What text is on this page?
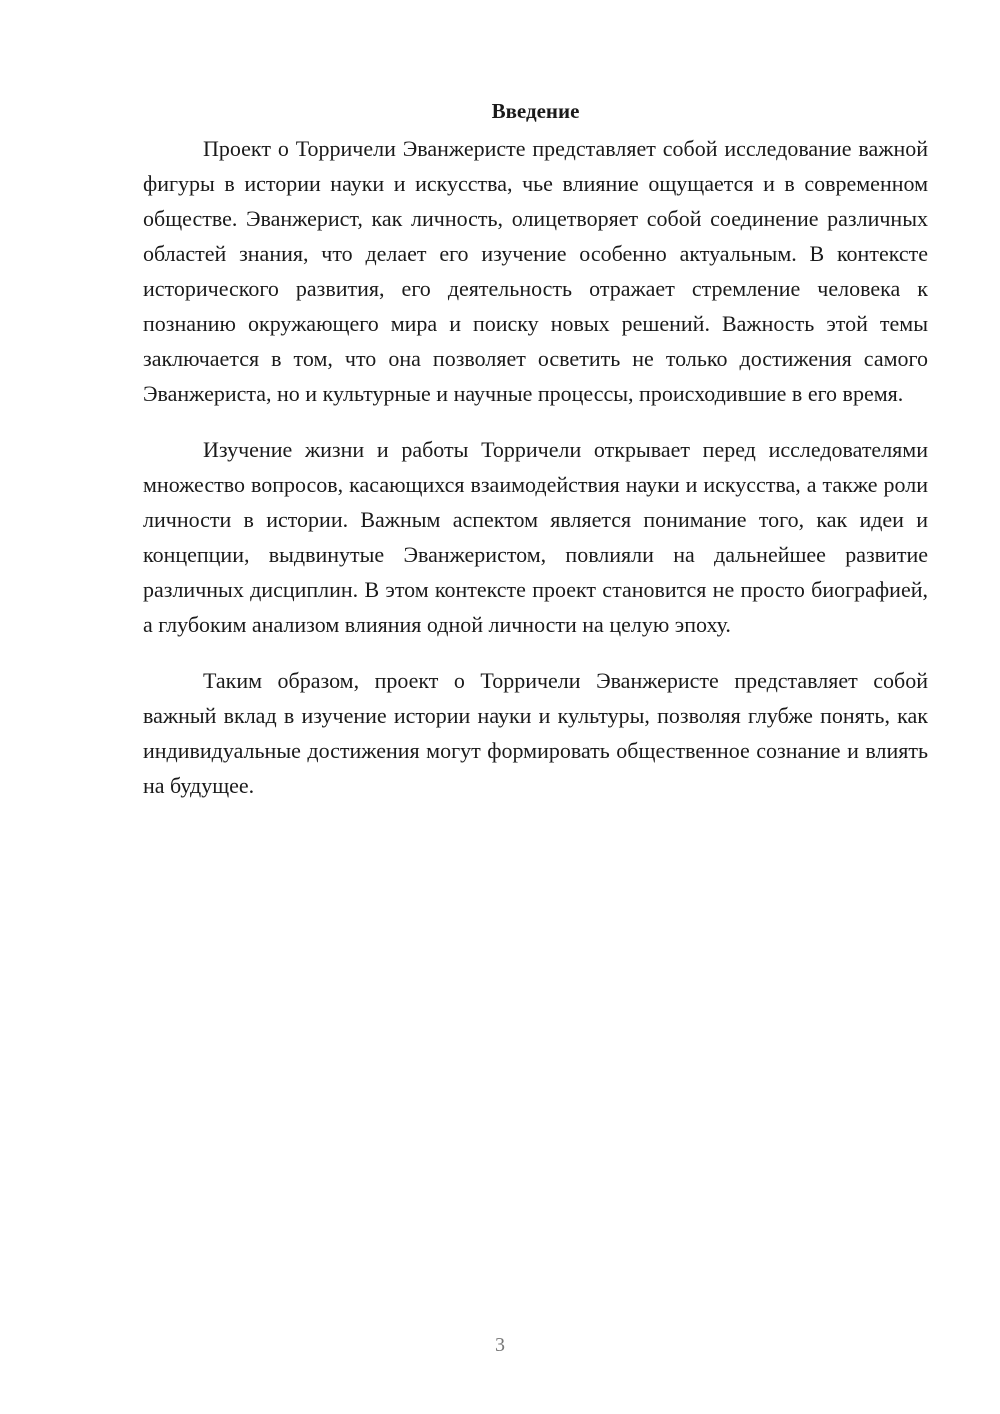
Введение

Проект о Торричели Эванжеристе представляет собой исследование важной фигуры в истории науки и искусства, чье влияние ощущается и в современном обществе. Эванжерист, как личность, олицетворяет собой соединение различных областей знания, что делает его изучение особенно актуальным. В контексте исторического развития, его деятельность отражает стремление человека к познанию окружающего мира и поиску новых решений. Важность этой темы заключается в том, что она позволяет осветить не только достижения самого Эванжериста, но и культурные и научные процессы, происходившие в его время.

Изучение жизни и работы Торричели открывает перед исследователями множество вопросов, касающихся взаимодействия науки и искусства, а также роли личности в истории. Важным аспектом является понимание того, как идеи и концепции, выдвинутые Эванжеристом, повлияли на дальнейшее развитие различных дисциплин. В этом контексте проект становится не просто биографией, а глубоким анализом влияния одной личности на целую эпоху.

Таким образом, проект о Торричели Эванжеристе представляет собой важный вклад в изучение истории науки и культуры, позволяя глубже понять, как индивидуальные достижения могут формировать общественное сознание и влиять на будущее.

3
